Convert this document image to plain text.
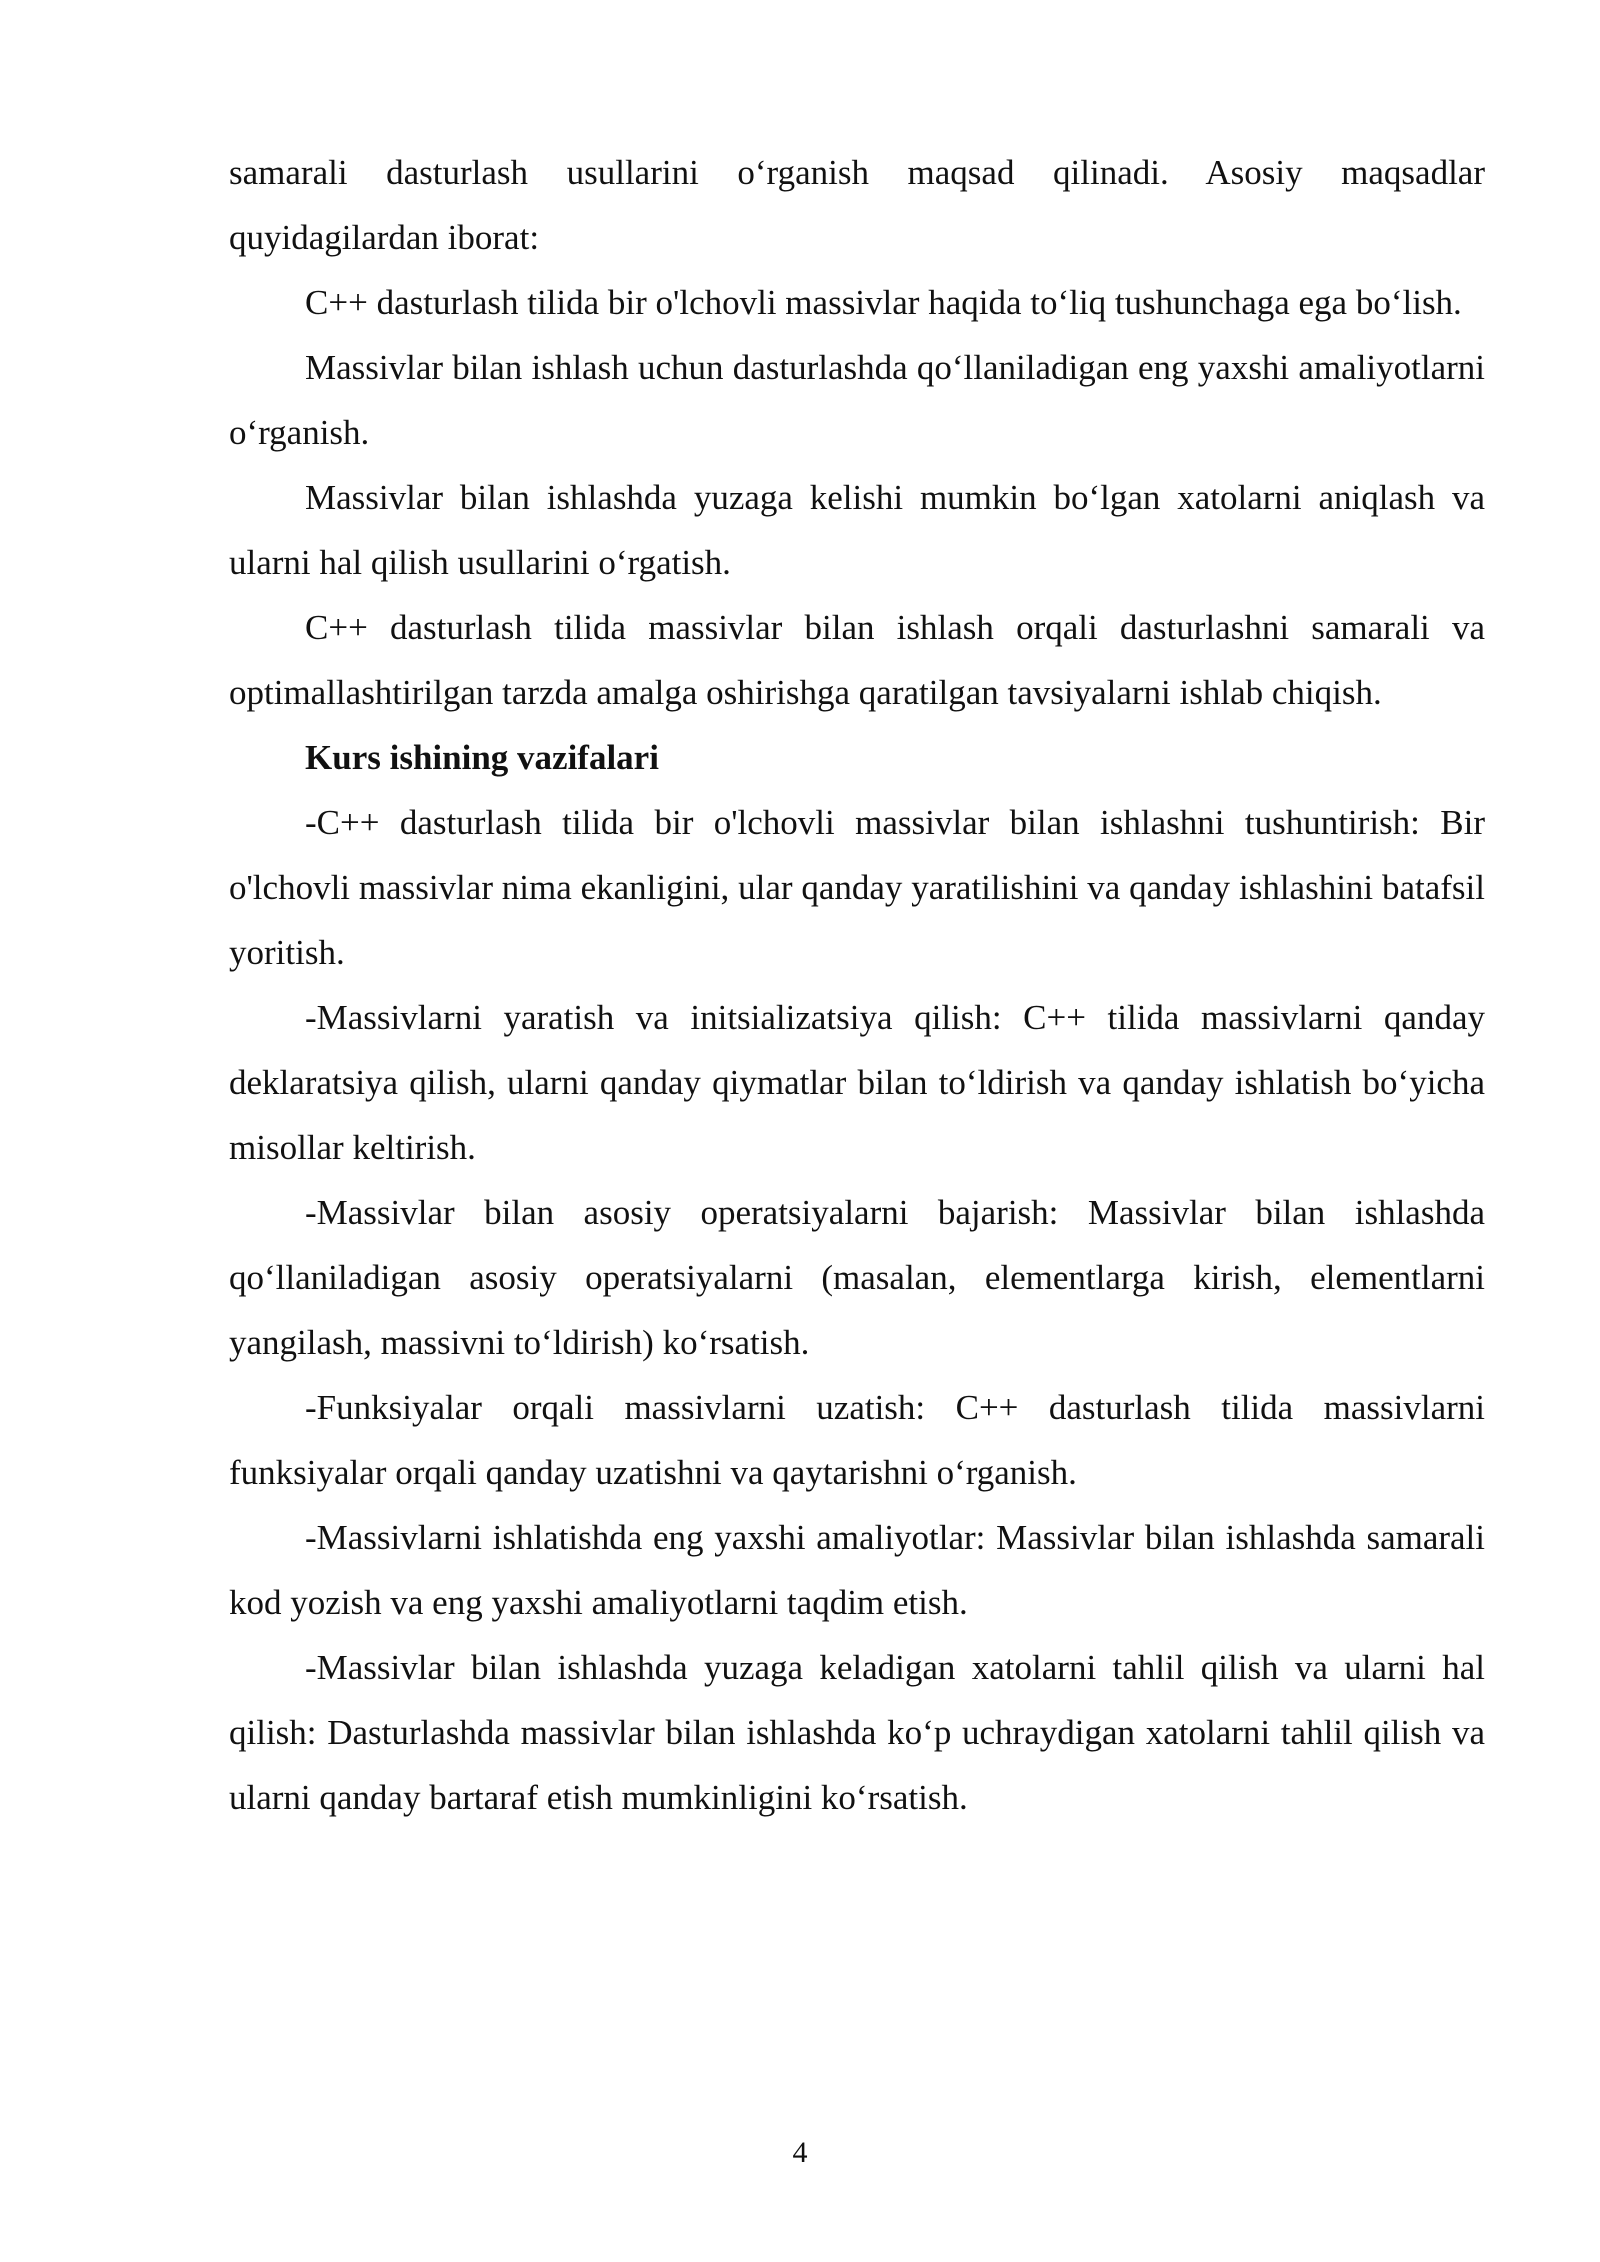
samarali dasturlash usullarini o‘rganish maqsad qilinadi. Asosiy maqsadlar quyidagilardan iborat:

C++ dasturlash tilida bir o'lchovli massivlar haqida to‘liq tushunchaga ega bo‘lish.

Massivlar bilan ishlash uchun dasturlashda qo‘llaniladigan eng yaxshi amaliyotlarni o‘rganish.

Massivlar bilan ishlashda yuzaga kelishi mumkin bo‘lgan xatolarni aniqlash va ularni hal qilish usullarini o‘rgatish.

C++ dasturlash tilida massivlar bilan ishlash orqali dasturlashni samarali va optimallashtirilgan tarzda amalga oshirishga qaratilgan tavsiyalarni ishlab chiqish.

Kurs ishining vazifalari

-C++ dasturlash tilida bir o'lchovli massivlar bilan ishlashni tushuntirish: Bir o'lchovli massivlar nima ekanligini, ular qanday yaratilishini va qanday ishlashini batafsil yoritish.

-Massivlarni yaratish va initsializatsiya qilish: C++ tilida massivlarni qanday deklaratsiya qilish, ularni qanday qiymatlar bilan to‘ldirish va qanday ishlatish bo‘yicha misollar keltirish.

-Massivlar bilan asosiy operatsiyalarni bajarish: Massivlar bilan ishlashda qo‘llaniladigan asosiy operatsiyalarni (masalan, elementlarga kirish, elementlarni yangilash, massivni to‘ldirish) ko‘rsatish.

-Funksiyalar orqali massivlarni uzatish: C++ dasturlash tilida massivlarni funksiyalar orqali qanday uzatishni va qaytarishni o‘rganish.

-Massivlarni ishlatishda eng yaxshi amaliyotlar: Massivlar bilan ishlashda samarali kod yozish va eng yaxshi amaliyotlarni taqdim etish.

-Massivlar bilan ishlashda yuzaga keladigan xatolarni tahlil qilish va ularni hal qilish: Dasturlashda massivlar bilan ishlashda ko‘p uchraydigan xatolarni tahlil qilish va ularni qanday bartaraf etish mumkinligini ko‘rsatish.

4
